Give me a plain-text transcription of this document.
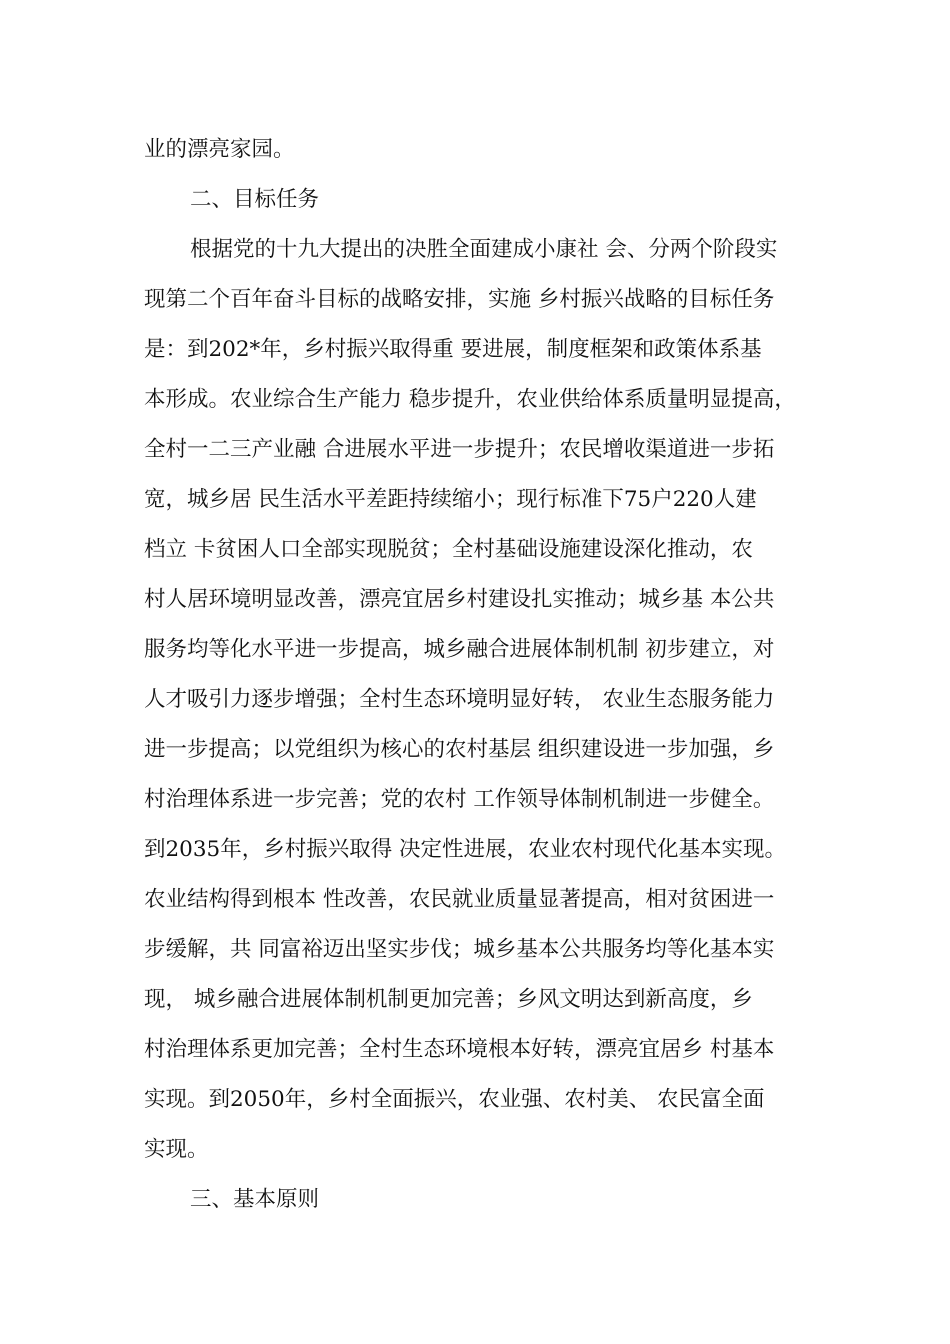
业的漂亮家园。
二、目标任务
根据党的十九大提出的决胜全面建成小康社 会、分两个阶段实
现第二个百年奋斗目标的战略安排，实施 乡村振兴战略的目标任务
是：到202*年，乡村振兴取得重 要进展，制度框架和政策体系基
本形成。农业综合生产能力 稳步提升，农业供给体系质量明显提高，
全村一二三产业融 合进展水平进一步提升；农民增收渠道进一步拓
宽，城乡居 民生活水平差距持续缩小；现行标准下75户220人建
档立 卡贫困人口全部实现脱贫；全村基础设施建设深化推动，农
村人居环境明显改善，漂亮宜居乡村建设扎实推动；城乡基 本公共
服务均等化水平进一步提高，城乡融合进展体制机制 初步建立，对
人才吸引力逐步增强；全村生态环境明显好转， 农业生态服务能力
进一步提高；以党组织为核心的农村基层 组织建设进一步加强，乡
村治理体系进一步完善；党的农村 工作领导体制机制进一步健全。
到2035年，乡村振兴取得 决定性进展，农业农村现代化基本实现。
农业结构得到根本 性改善，农民就业质量显著提高，相对贫困进一
步缓解，共 同富裕迈出坚实步伐；城乡基本公共服务均等化基本实
现， 城乡融合进展体制机制更加完善；乡风文明达到新高度，乡
村治理体系更加完善；全村生态环境根本好转，漂亮宜居乡 村基本
实现。到2050年，乡村全面振兴，农业强、农村美、 农民富全面
实现。
三、基本原则
